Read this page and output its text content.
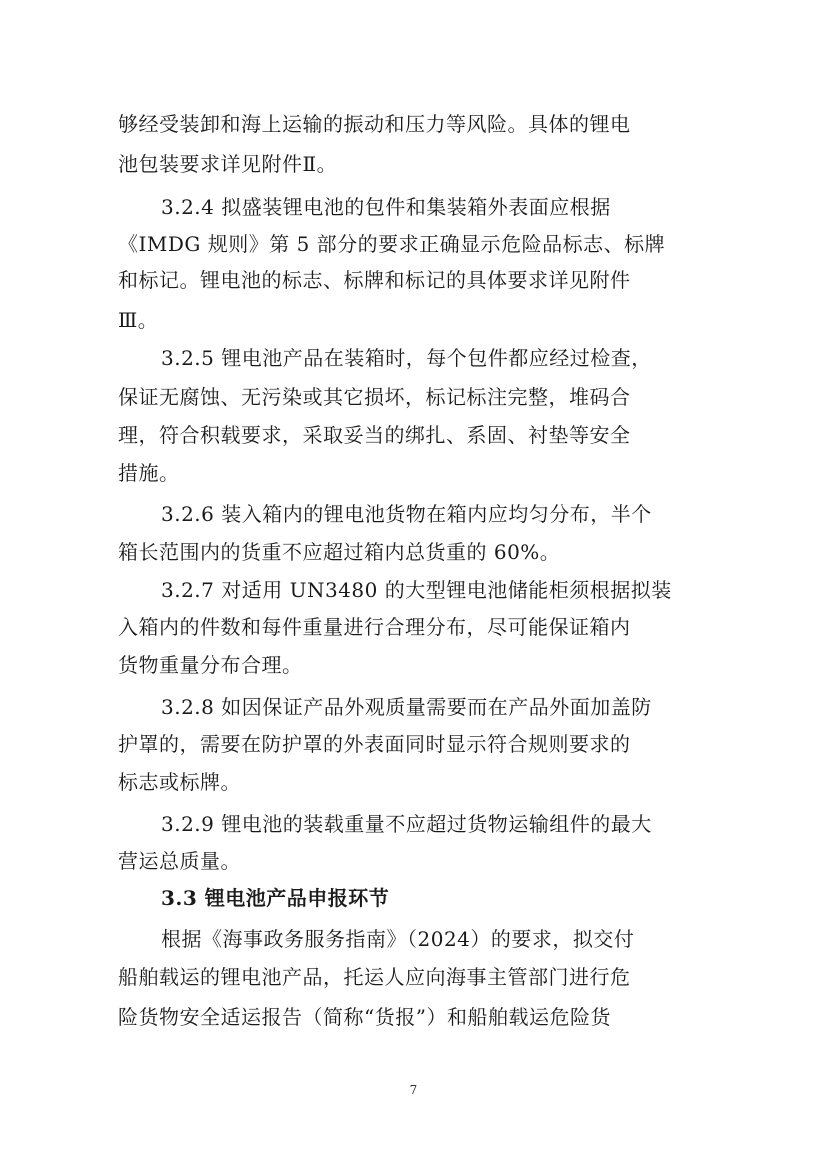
够经受装卸和海上运输的振动和压力等风险。具体的锂电
池包装要求详见附件Ⅱ。
3.2.4 拟盛装锂电池的包件和集装箱外表面应根据
《IMDG 规则》第 5 部分的要求正确显示危险品标志、标牌
和标记。锂电池的标志、标牌和标记的具体要求详见附件
Ⅲ。
3.2.5 锂电池产品在装箱时，每个包件都应经过检查，
保证无腐蚀、无污染或其它损坏，标记标注完整，堆码合
理，符合积载要求，采取妥当的绑扎、系固、衬垫等安全
措施。
3.2.6 装入箱内的锂电池货物在箱内应均匀分布，半个
箱长范围内的货重不应超过箱内总货重的 60%。
3.2.7 对适用 UN3480 的大型锂电池储能柜须根据拟装
入箱内的件数和每件重量进行合理分布，尽可能保证箱内
货物重量分布合理。
3.2.8 如因保证产品外观质量需要而在产品外面加盖防
护罩的，需要在防护罩的外表面同时显示符合规则要求的
标志或标牌。
3.2.9 锂电池的装载重量不应超过货物运输组件的最大
营运总质量。
3.3 锂电池产品申报环节
根据《海事政务服务指南》（2024）的要求，拟交付
船舶载运的锂电池产品，托运人应向海事主管部门进行危
险货物安全适运报告（简称“货报”）和船舶载运危险货
7
